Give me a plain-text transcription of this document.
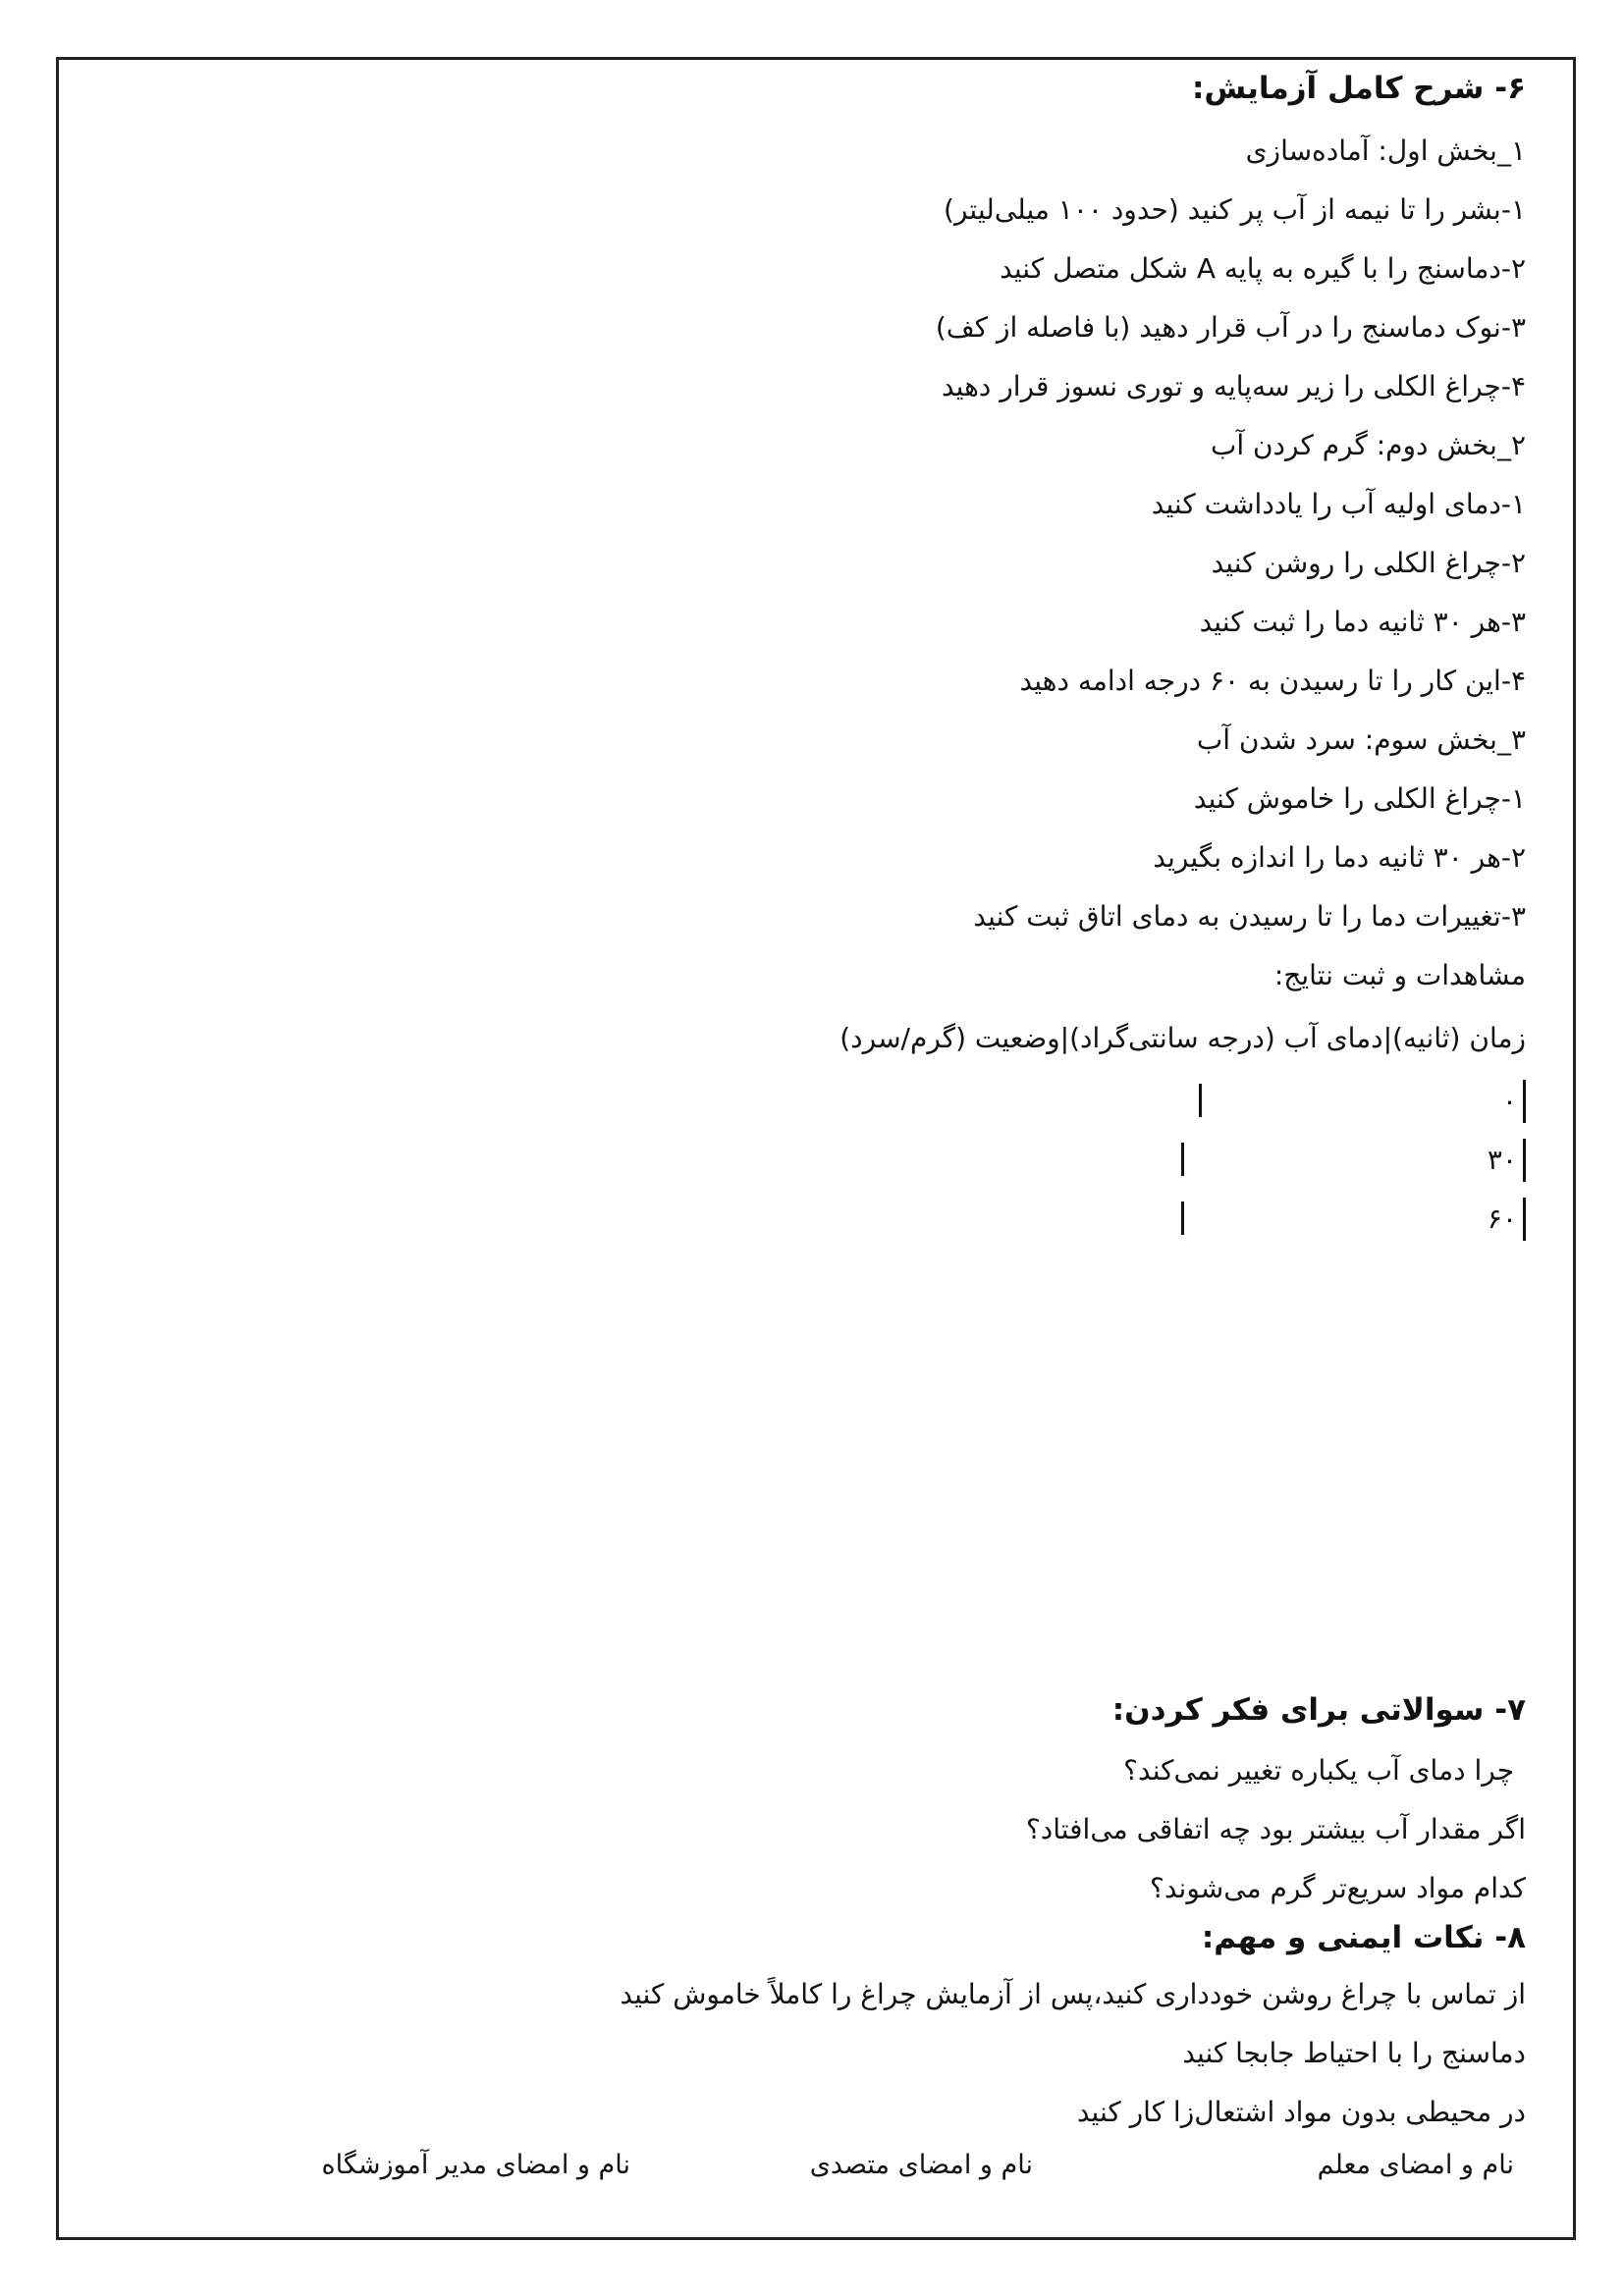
۶- شرح کامل آزمایش:
۱_بخش اول: آماده‌سازی
۱-بشر را تا نیمه از آب پر کنید (حدود ۱۰۰ میلی‌لیتر)
۲-دماسنج را با گیره به پایه A شکل متصل کنید
۳-نوک دماسنج را در آب قرار دهید (با فاصله از کف)
۴-چراغ الکلی را زیر سه‌پایه و توری نسوز قرار دهید
۲_بخش دوم: گرم کردن آب
۱-دمای اولیه آب را یادداشت کنید
۲-چراغ الکلی را روشن کنید
۳-هر ۳۰ ثانیه دما را ثبت کنید
۴-این کار را تا رسیدن به ۶۰ درجه ادامه دهید
۳_بخش سوم: سرد شدن آب
۱-چراغ الکلی را خاموش کنید
۲-هر ۳۰ ثانیه دما را اندازه بگیرید
۳-تغییرات دما را تا رسیدن به دمای اتاق ثبت کنید
مشاهدات و ثبت نتایج:
زمان (ثانیه)|دمای آب (درجه سانتی‌گراد)|وضعیت (گرم/سرد)
۰
۳۰
۶۰
۷- سوالاتی برای فکر کردن:
چرا دمای آب یکباره تغییر نمی‌کند؟
اگر مقدار آب بیشتر بود چه اتفاقی می‌افتاد؟
کدام مواد سریع‌تر گرم می‌شوند؟
۸- نکات ایمنی و مهم:
از تماس با چراغ روشن خودداری کنید،پس از آزمایش چراغ را کاملاً خاموش کنید
دماسنج را با احتیاط جابجا کنید
در محیطی بدون مواد اشتعال‌زا کار کنید
نام و امضای معلم
نام و امضای متصدی
نام و امضای مدیر آموزشگاه
